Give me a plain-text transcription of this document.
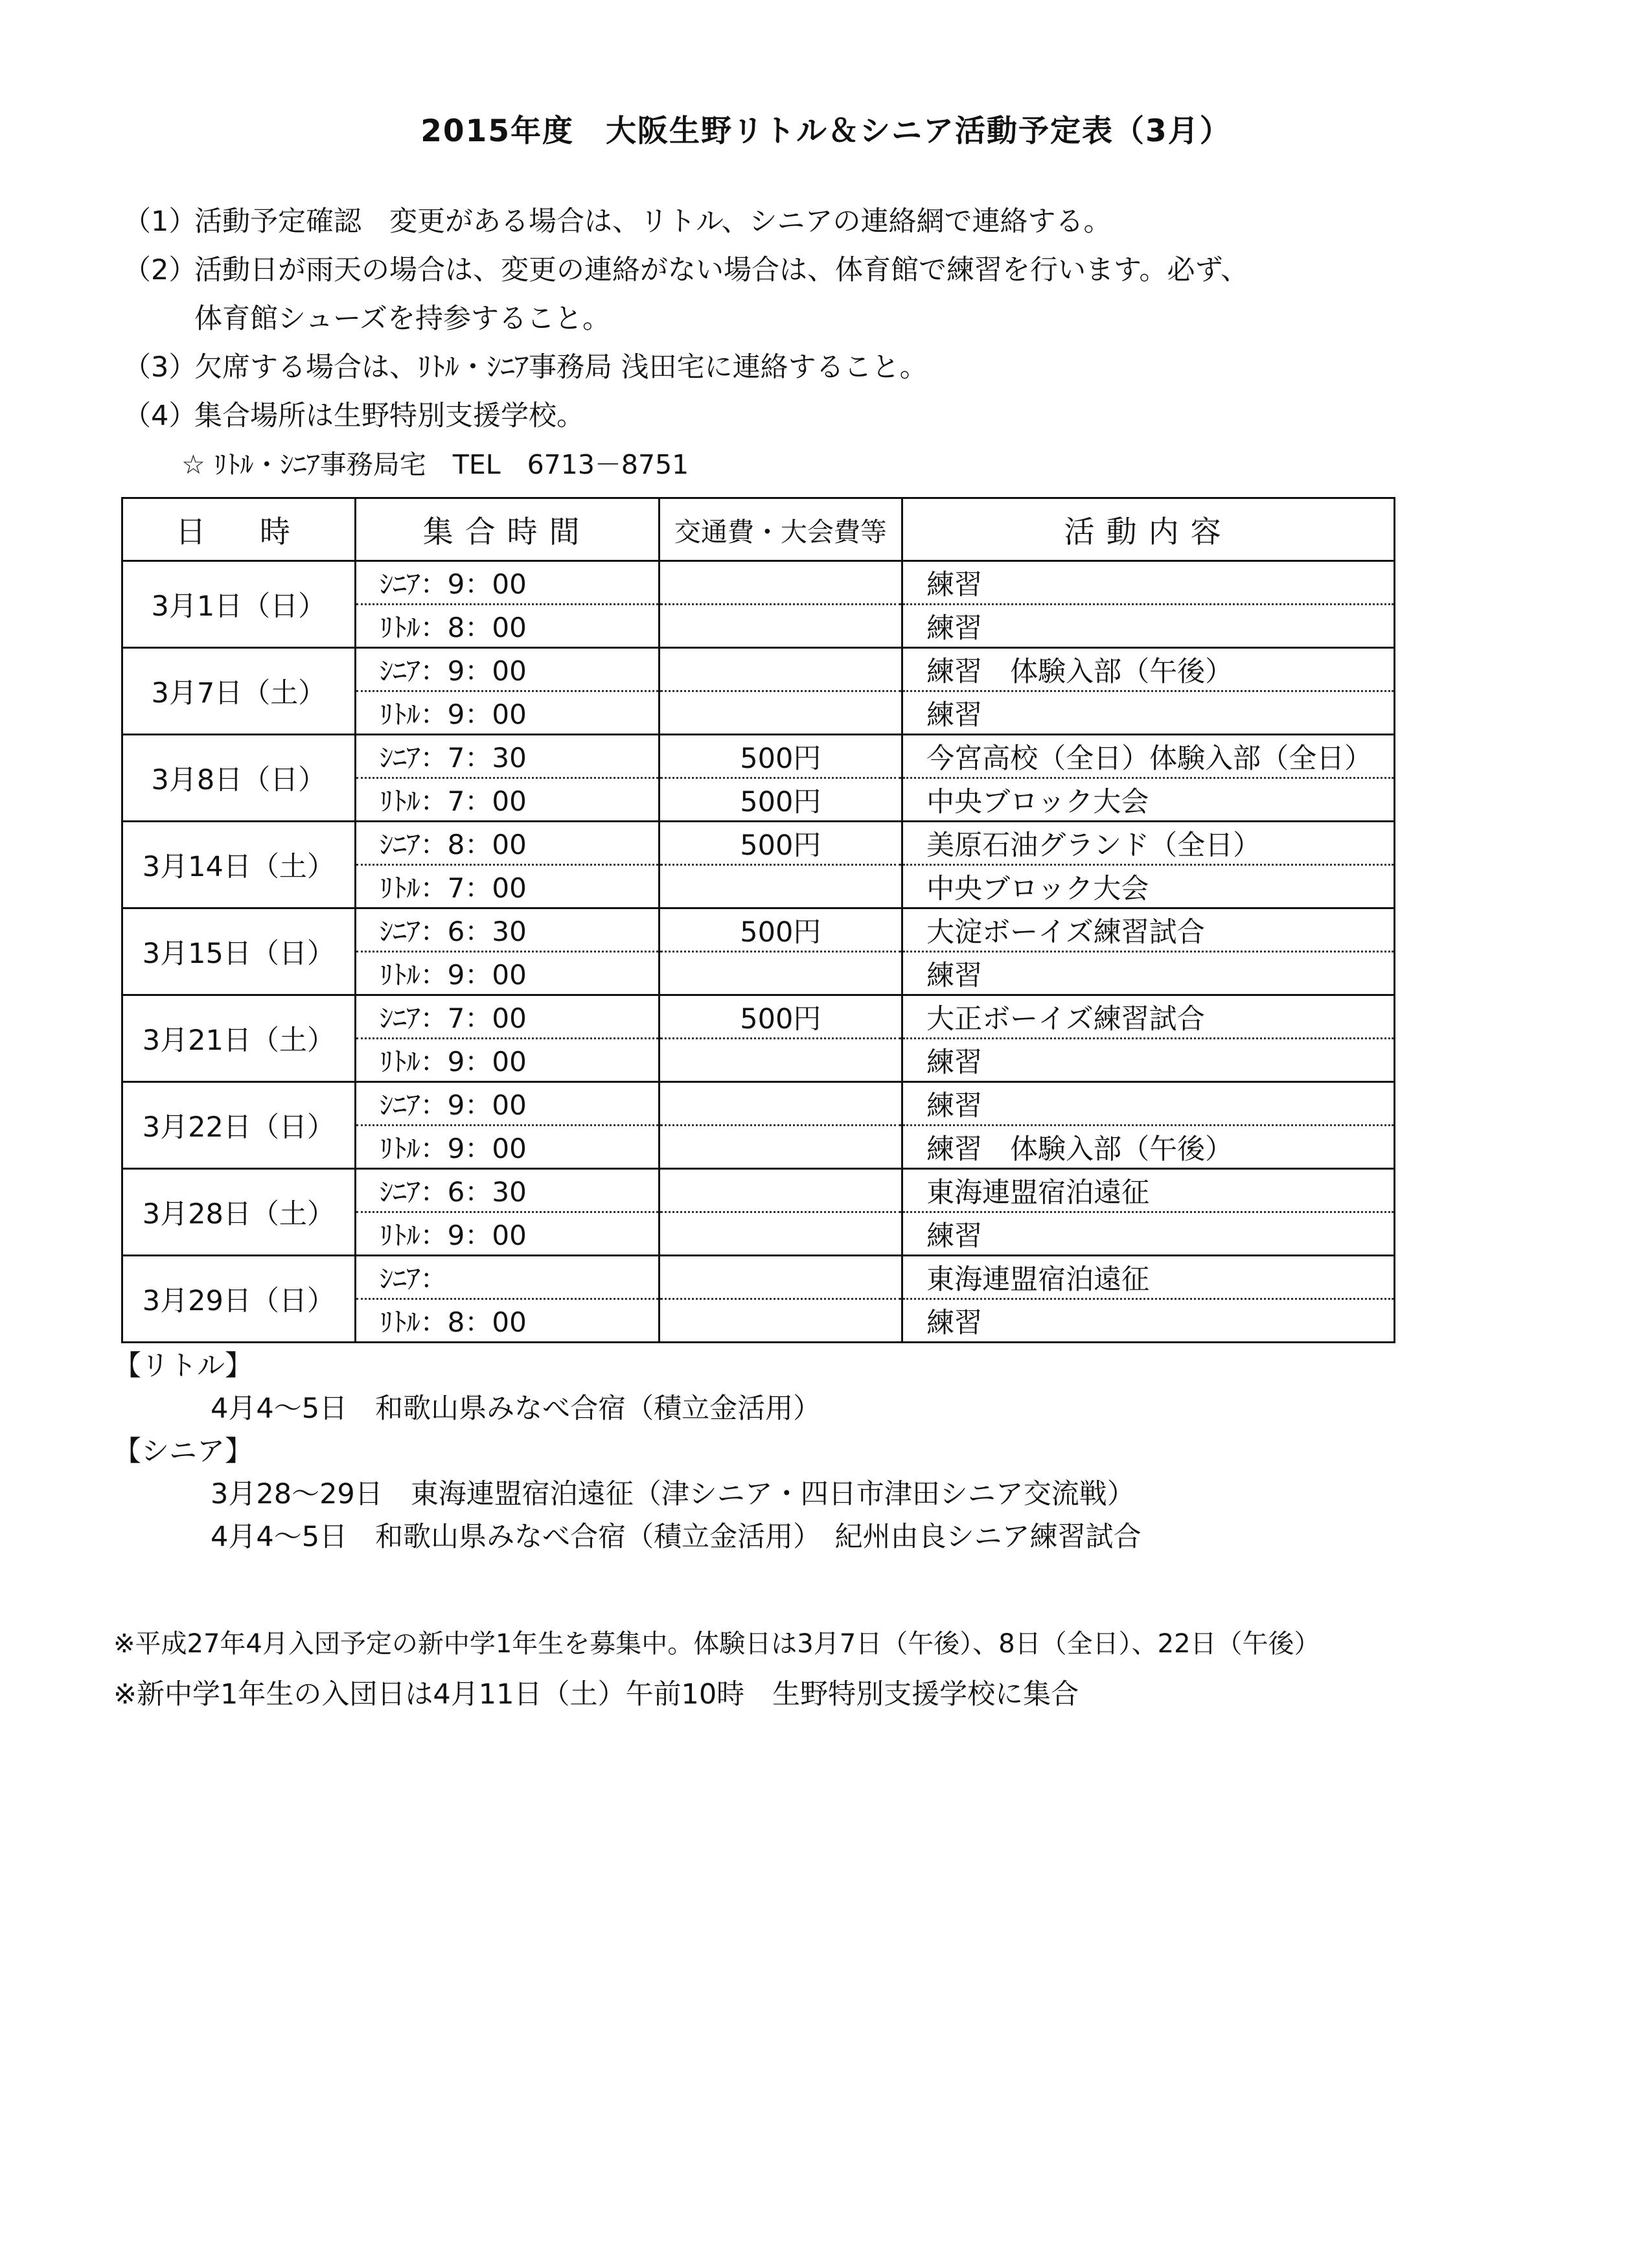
2015年度　大阪生野リトル＆シニア活動予定表（3月）
（1）活動予定確認　変更がある場合は、リトル、シニアの連絡網で連絡する。
（2）活動日が雨天の場合は、変更の連絡がない場合は、体育館で練習を行います。必ず、
体育館シューズを持参すること。
（3）欠席する場合は、ﾘﾄﾙ・ｼﾆｱ事務局 浅田宅に連絡すること。
（4）集合場所は生野特別支援学校。
☆ ﾘﾄﾙ・ｼﾆｱ事務局宅　TEL　6713－8751
日　時	集合時間	交通費・大会費等	活動内容
3月1日（日）	ｼﾆｱ：9：00		練習
	ﾘﾄﾙ：8：00		練習
3月7日（土）	ｼﾆｱ：9：00		練習　体験入部（午後）
	ﾘﾄﾙ：9：00		練習
3月8日（日）	ｼﾆｱ：7：30	500円	今宮高校（全日）体験入部（全日）
	ﾘﾄﾙ：7：00	500円	中央ブロック大会
3月14日（土）	ｼﾆｱ：8：00	500円	美原石油グランド（全日）
	ﾘﾄﾙ：7：00		中央ブロック大会
3月15日（日）	ｼﾆｱ：6：30	500円	大淀ボーイズ練習試合
	ﾘﾄﾙ：9：00		練習
3月21日（土）	ｼﾆｱ：7：00	500円	大正ボーイズ練習試合
	ﾘﾄﾙ：9：00		練習
3月22日（日）	ｼﾆｱ：9：00		練習
	ﾘﾄﾙ：9：00		練習　体験入部（午後）
3月28日（土）	ｼﾆｱ：6：30		東海連盟宿泊遠征
	ﾘﾄﾙ：9：00		練習
3月29日（日）	ｼﾆｱ：		東海連盟宿泊遠征
	ﾘﾄﾙ：8：00		練習
【リトル】
4月4～5日　和歌山県みなべ合宿（積立金活用）
【シニア】
3月28～29日　東海連盟宿泊遠征（津シニア・四日市津田シニア交流戦）
4月4～5日　和歌山県みなべ合宿（積立金活用）　紀州由良シニア練習試合
※平成27年4月入団予定の新中学1年生を募集中。体験日は3月7日（午後）、8日（全日）、22日（午後）
※新中学1年生の入団日は4月11日（土）午前10時　生野特別支援学校に集合
